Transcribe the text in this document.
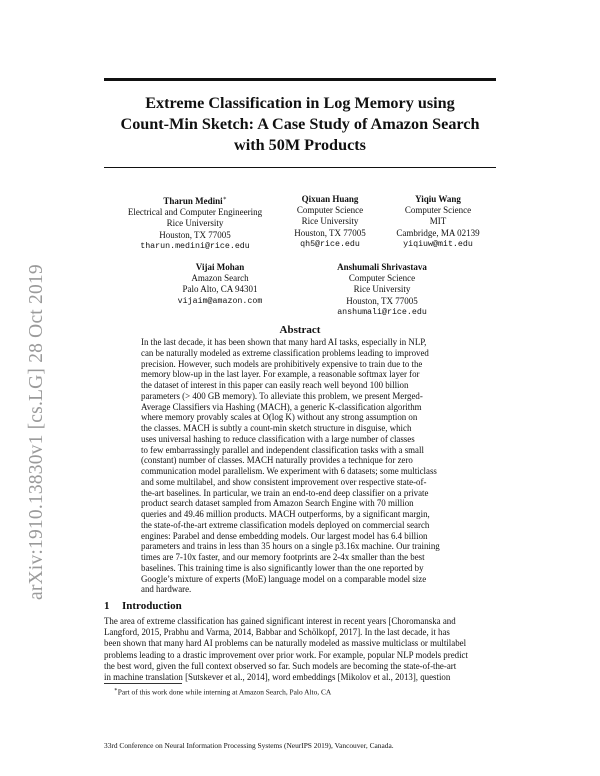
Extreme Classification in Log Memory using
Count-Min Sketch: A Case Study of Amazon Search
with 50M Products
arXiv:1910.13830v1 [cs.LG] 28 Oct 2019
Tharun Medini∗
Electrical and Computer Engineering
Rice University
Houston, TX 77005
tharun.medini@rice.edu
Qixuan Huang
Computer Science
Rice University
Houston, TX 77005
qh5@rice.edu
Yiqiu Wang
Computer Science
MIT
Cambridge, MA 02139
yiqiuw@mit.edu
Vijai Mohan
Amazon Search
Palo Alto, CA 94301
vijaim@amazon.com
Anshumali Shrivastava
Computer Science
Rice University
Houston, TX 77005
anshumali@rice.edu
Abstract
In the last decade, it has been shown that many hard AI tasks, especially in NLP,
can be naturally modeled as extreme classification problems leading to improved
precision. However, such models are prohibitively expensive to train due to the
memory blow-up in the last layer. For example, a reasonable softmax layer for
the dataset of interest in this paper can easily reach well beyond 100 billion
parameters (> 400 GB memory). To alleviate this problem, we present Merged-
Average Classifiers via Hashing (MACH), a generic K-classification algorithm
where memory provably scales at O(log K) without any strong assumption on
the classes. MACH is subtly a count-min sketch structure in disguise, which
uses universal hashing to reduce classification with a large number of classes
to few embarrassingly parallel and independent classification tasks with a small
(constant) number of classes. MACH naturally provides a technique for zero
communication model parallelism. We experiment with 6 datasets; some multiclass
and some multilabel, and show consistent improvement over respective state-of-
the-art baselines. In particular, we train an end-to-end deep classifier on a private
product search dataset sampled from Amazon Search Engine with 70 million
queries and 49.46 million products. MACH outperforms, by a significant margin,
the state-of-the-art extreme classification models deployed on commercial search
engines: Parabel and dense embedding models. Our largest model has 6.4 billion
parameters and trains in less than 35 hours on a single p3.16x machine. Our training
times are 7-10x faster, and our memory footprints are 2-4x smaller than the best
baselines. This training time is also significantly lower than the one reported by
Google’s mixture of experts (MoE) language model on a comparable model size
and hardware.
1 Introduction
The area of extreme classification has gained significant interest in recent years [Choromanska and
Langford, 2015, Prabhu and Varma, 2014, Babbar and Schölkopf, 2017]. In the last decade, it has
been shown that many hard AI problems can be naturally modeled as massive multiclass or multilabel
problems leading to a drastic improvement over prior work. For example, popular NLP models predict
the best word, given the full context observed so far. Such models are becoming the state-of-the-art
in machine translation [Sutskever et al., 2014], word embeddings [Mikolov et al., 2013], question
∗Part of this work done while interning at Amazon Search, Palo Alto, CA
33rd Conference on Neural Information Processing Systems (NeurIPS 2019), Vancouver, Canada.
